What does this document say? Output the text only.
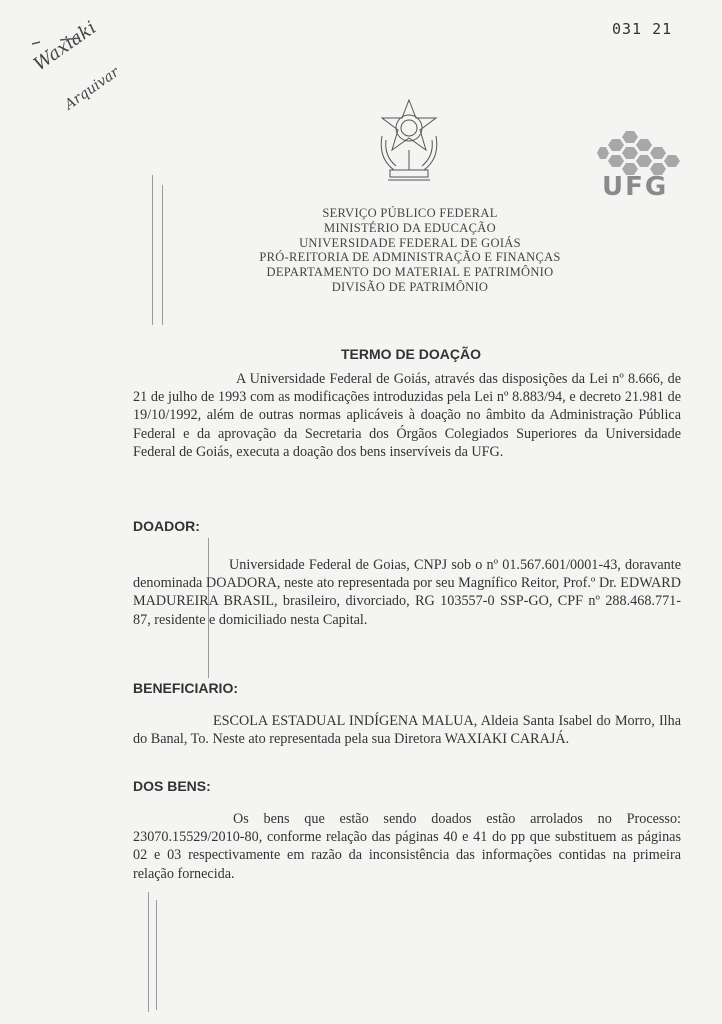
031 21
Waxiaki
Arquivar
UFG
SERVIÇO PÚBLICO FEDERAL
MINISTÉRIO DA EDUCAÇÃO
UNIVERSIDADE FEDERAL DE GOIÁS
PRÓ-REITORIA DE ADMINISTRAÇÃO E FINANÇAS
DEPARTAMENTO DO MATERIAL E PATRIMÔNIO
DIVISÃO DE PATRIMÔNIO
TERMO DE DOAÇÃO

A Universidade Federal de Goiás, através das disposições da Lei nº 8.666, de 21 de julho de 1993 com as modificações introduzidas pela Lei nº 8.883/94, e decreto 21.981 de 19/10/1992, além de outras normas aplicáveis à doação no âmbito da Administração Pública Federal e da aprovação da Secretaria dos Órgãos Colegiados Superiores da Universidade Federal de Goiás, executa a doação dos bens inservíveis da UFG.

DOADOR:

Universidade Federal de Goias, CNPJ sob o nº 01.567.601/0001-43, doravante denominada DOADORA, neste ato representada por seu Magnífico Reitor, Prof.º Dr. EDWARD MADUREIRA BRASIL, brasileiro, divorciado, RG 103557-0 SSP-GO, CPF nº 288.468.771-87, residente e domiciliado nesta Capital.

BENEFICIARIO:

ESCOLA ESTADUAL INDÍGENA MALUA, Aldeia Santa Isabel do Morro, Ilha do Banal, To. Neste ato representada pela sua Diretora WAXIAKI CARAJÁ.

DOS BENS:

Os bens que estão sendo doados estão arrolados no Processo: 23070.15529/2010-80, conforme relação das páginas 40 e 41 do pp que substituem as páginas 02 e 03 respectivamente em razão da inconsistência das informações contidas na primeira relação fornecida.
